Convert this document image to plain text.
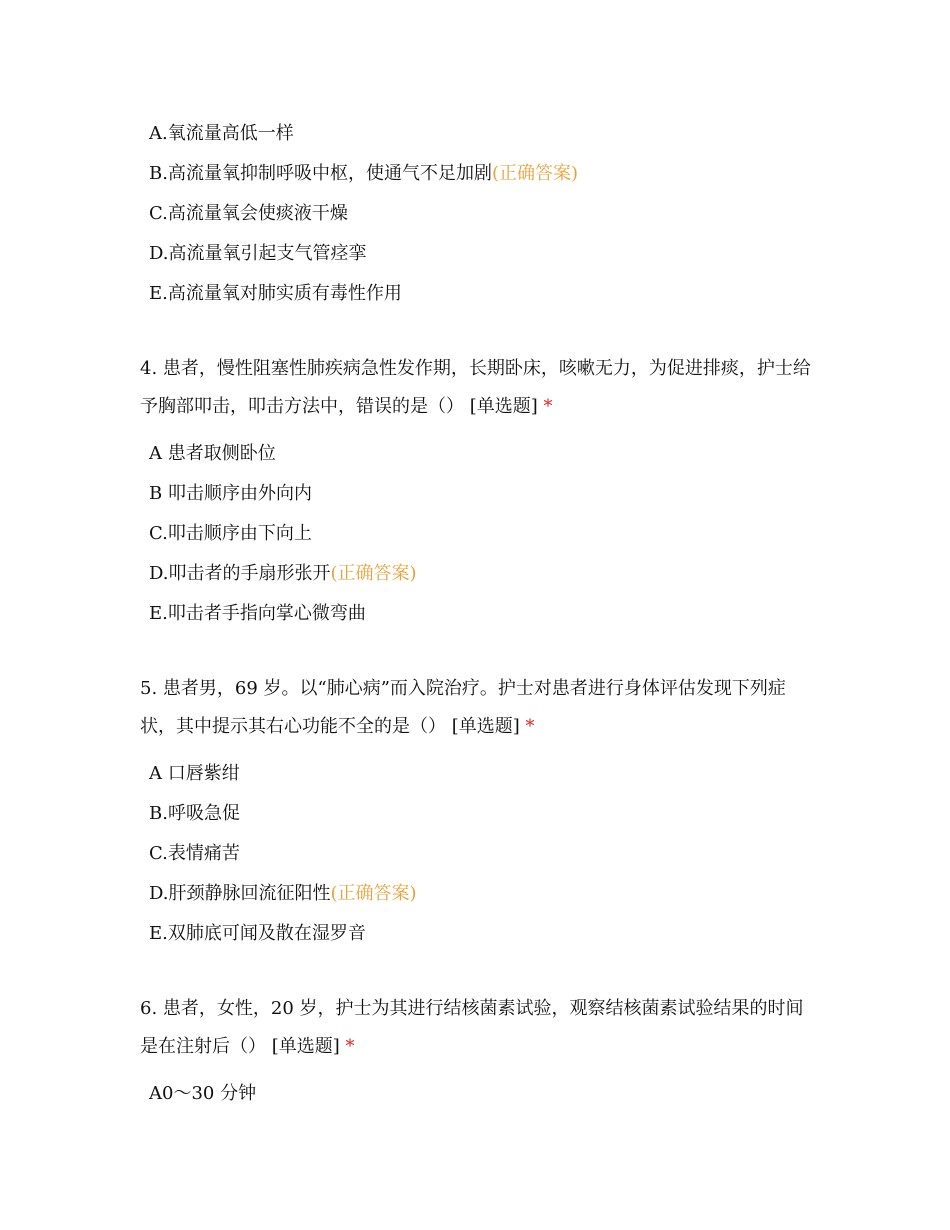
A.氧流量高低一样
B.高流量氧抑制呼吸中枢，使通气不足加剧(正确答案)
C.高流量氧会使痰液干燥
D.高流量氧引起支气管痉挛
E.高流量氧对肺实质有毒性作用
4. 患者，慢性阻塞性肺疾病急性发作期，长期卧床，咳嗽无力，为促进排痰，护士给予胸部叩击，叩击方法中，错误的是（） [单选题] *
A 患者取侧卧位
B 叩击顺序由外向内
C.叩击顺序由下向上
D.叩击者的手扇形张开(正确答案)
E.叩击者手指向掌心微弯曲
5. 患者男，69 岁。以“肺心病”而入院治疗。护士对患者进行身体评估发现下列症状，其中提示其右心功能不全的是（） [单选题] *
A 口唇紫绀
B.呼吸急促
C.表情痛苦
D.肝颈静脉回流征阳性(正确答案)
E.双肺底可闻及散在湿罗音
6. 患者，女性，20 岁，护士为其进行结核菌素试验，观察结核菌素试验结果的时间是在注射后（） [单选题] *
A0～30 分钟
